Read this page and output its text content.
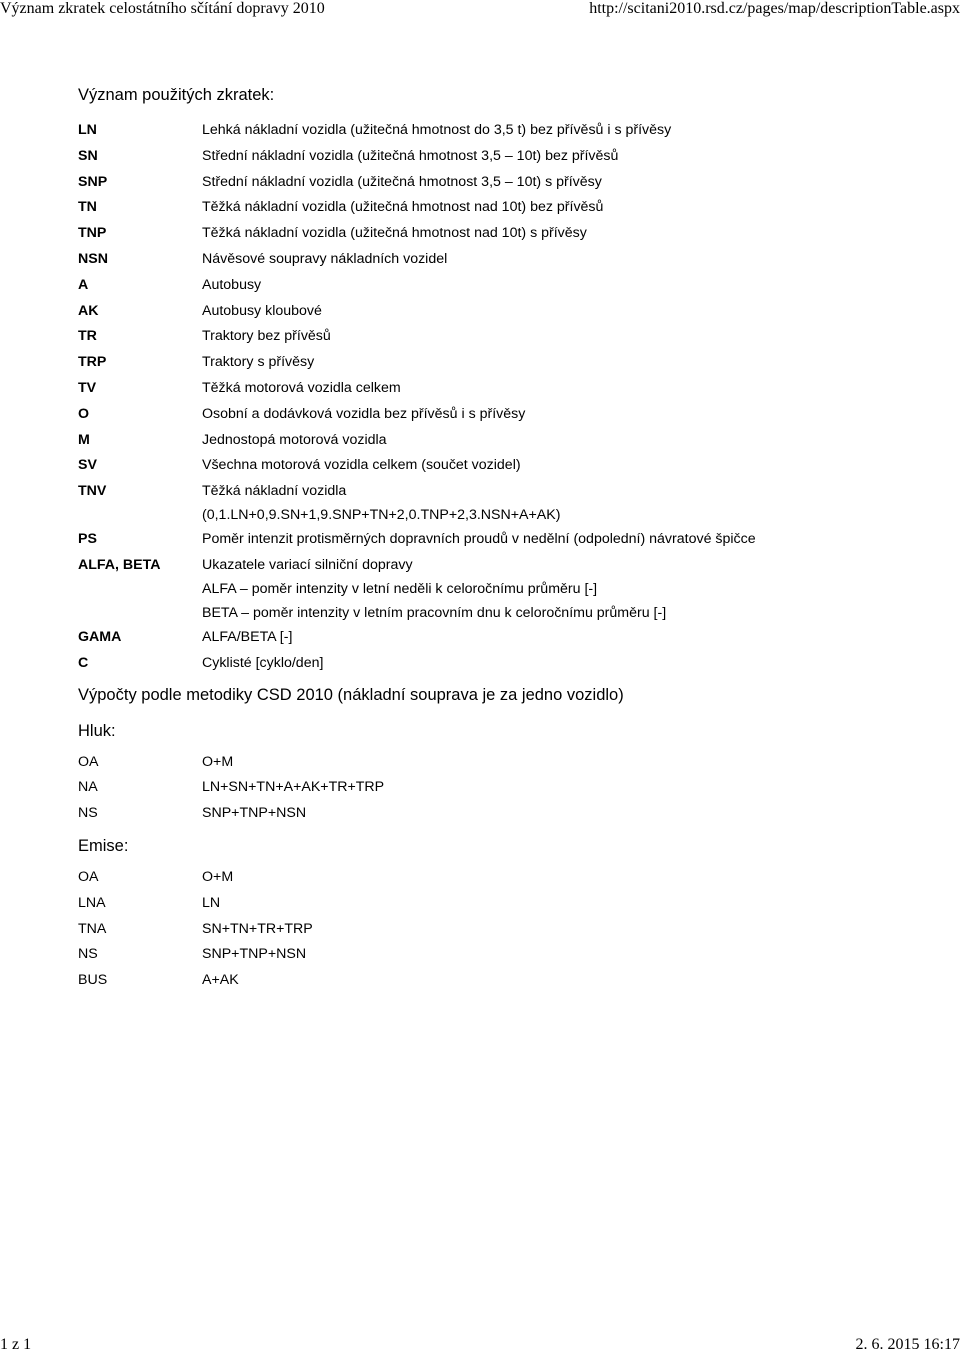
Význam zkratek celostátního sčítání dopravy 2010	http://scitani2010.rsd.cz/pages/map/descriptionTable.aspx
Význam použitých zkratek:
LN	Lehká nákladní vozidla (užitečná hmotnost do 3,5 t) bez přívěsů i s přívěsy

SN	Střední nákladní vozidla (užitečná hmotnost 3,5 – 10t) bez přívěsů

SNP	Střední nákladní vozidla (užitečná hmotnost 3,5 – 10t) s přívěsy

TN	Těžká nákladní vozidla (užitečná hmotnost nad 10t) bez přívěsů

TNP	Těžká nákladní vozidla (užitečná hmotnost nad 10t) s přívěsy

NSN	Návěsové soupravy nákladních vozidel

A	Autobusy

AK	Autobusy kloubové

TR	Traktory bez přívěsů

TRP	Traktory s přívěsy

TV	Těžká motorová vozidla celkem

O	Osobní a dodávková vozidla bez přívěsů i s přívěsy

M	Jednostopá motorová vozidla

SV	Všechna motorová vozidla celkem (součet vozidel)

TNV	Těžká nákladní vozidla
(0,1.LN+0,9.SN+1,9.SNP+TN+2,0.TNP+2,3.NSN+A+AK)

PS	Poměr intenzit protisměrných dopravních proudů v nedělní (odpolední) návratové špičce

ALFA, BETA	Ukazatele variací silniční dopravy
ALFA – poměr intenzity v letní neděli k celoročnímu průměru [-]
BETA – poměr intenzity v letním pracovním dnu k celoročnímu průměru [-]

GAMA	ALFA/BETA [-]

C	Cyklisté [cyklo/den]
Výpočty podle metodiky CSD 2010 (nákladní souprava je za jedno vozidlo)
Hluk:
OA	O+M
NA	LN+SN+TN+A+AK+TR+TRP
NS	SNP+TNP+NSN
Emise:
OA	O+M
LNA	LN
TNA	SN+TN+TR+TRP
NS	SNP+TNP+NSN
BUS	A+AK
1 z 1	2. 6. 2015 16:17
